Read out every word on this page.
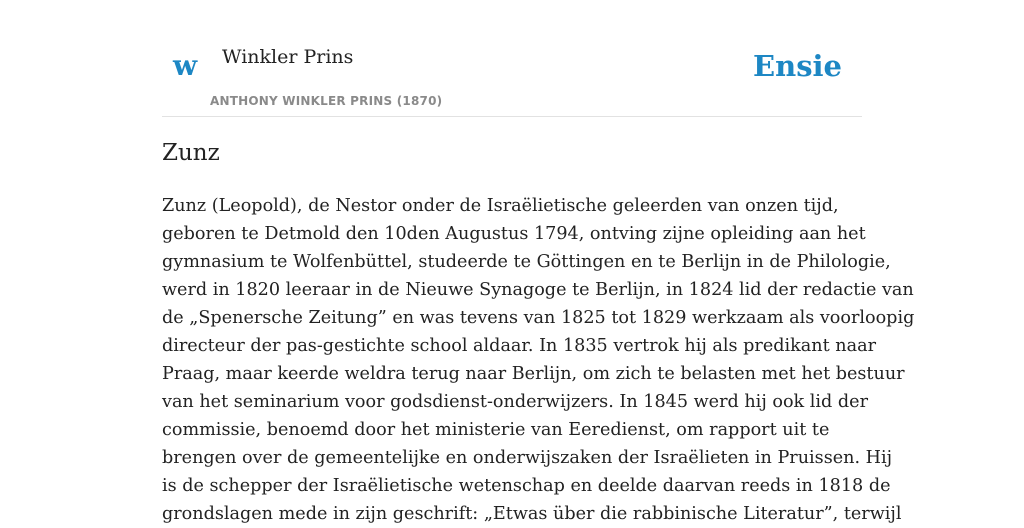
w Winkler Prins
ANTHONY WINKLER PRINS (1870)
Ensie
Zunz

Zunz (Leopold), de Nestor onder de Israëlietische geleerden van onzen tijd,
geboren te Detmold den 10den Augustus 1794, ontving zijne opleiding aan het
gymnasium te Wolfenbüttel, studeerde te Göttingen en te Berlijn in de Philologie,
werd in 1820 leeraar in de Nieuwe Synagoge te Berlijn, in 1824 lid der redactie van
de „Spenersche Zeitung” en was tevens van 1825 tot 1829 werkzaam als voorloopig
directeur der pas-gestichte school aldaar. In 1835 vertrok hij als predikant naar
Praag, maar keerde weldra terug naar Berlijn, om zich te belasten met het bestuur
van het seminarium voor godsdienst-onderwijzers. In 1845 werd hij ook lid der
commissie, benoemd door het ministerie van Eeredienst, om rapport uit te
brengen over de gemeentelijke en onderwijszaken der Israëlieten in Pruissen. Hij
is de schepper der Israëlietische wetenschap en deelde daarvan reeds in 1818 de
grondslagen mede in zijn geschrift: „Etwas über die rabbinische Literatur”, terwijl
